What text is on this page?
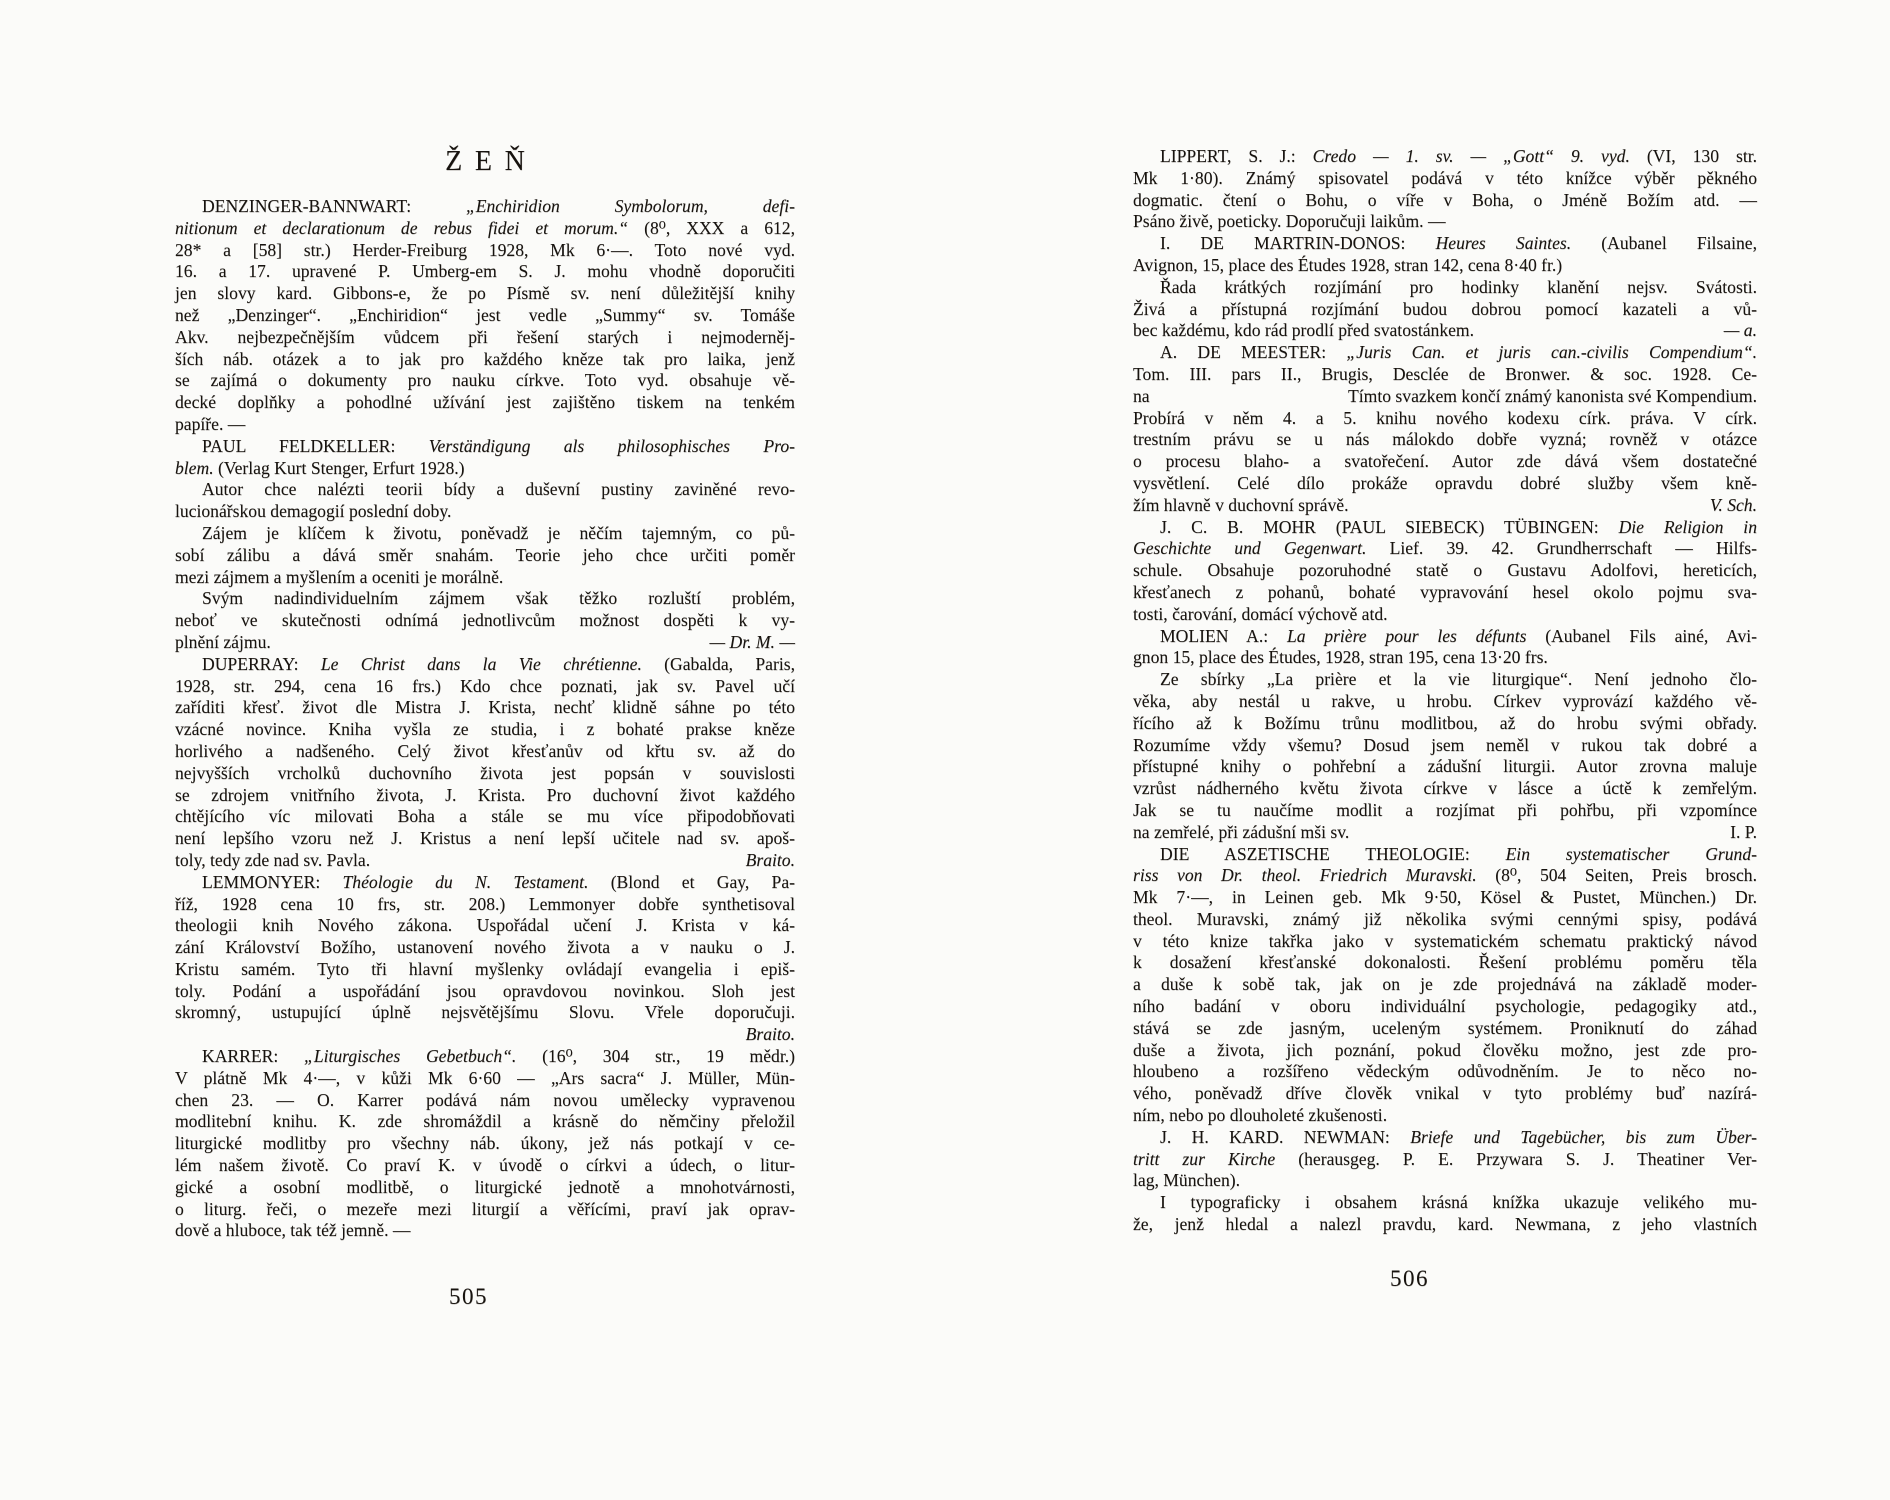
ŽEŇ
DENZINGER-BANNWART: „Enchiridion Symbolorum, defi-
nitionum et declarationum de rebus fidei et morum.“ (8⁰, XXX a 612,
28* a [58] str.) Herder-Freiburg 1928, Mk 6·—. Toto nové vyd.
16. a 17. upravené P. Umberg-em S. J. mohu vhodně doporučiti
jen slovy kard. Gibbons-e, že po Písmě sv. není důležitější knihy
než „Denzinger“. „Enchiridion“ jest vedle „Summy“ sv. Tomáše
Akv. nejbezpečnějším vůdcem při řešení starých i nejmoderněj-
ších náb. otázek a to jak pro každého kněze tak pro laika, jenž
se zajímá o dokumenty pro nauku církve. Toto vyd. obsahuje vě-
decké doplňky a pohodlné užívání jest zajištěno tiskem na tenkém
papíře. —
PAUL FELDKELLER: Verständigung als philosophisches Pro-
blem. (Verlag Kurt Stenger, Erfurt 1928.)
Autor chce nalézti teorii bídy a duševní pustiny zaviněné revo-
lucionářskou demagogií poslední doby.
Zájem je klíčem k životu, poněvadž je něčím tajemným, co pů-
sobí zálibu a dává směr snahám. Teorie jeho chce určiti poměr
mezi zájmem a myšlením a oceniti je morálně.
Svým nadindividuelním zájmem však těžko rozluští problém,
neboť ve skutečnosti odnímá jednotlivcům možnost dospěti k vy-
plnění zájmu.	— Dr. M. —
DUPERRAY: Le Christ dans la Vie chrétienne. (Gabalda, Paris,
1928, str. 294, cena 16 frs.) Kdo chce poznati, jak sv. Pavel učí
zaříditi křesť. život dle Mistra J. Krista, nechť klidně sáhne po této
vzácné novince. Kniha vyšla ze studia, i z bohaté prakse kněze
horlivého a nadšeného. Celý život křesťanův od křtu sv. až do
nejvyšších vrcholků duchovního života jest popsán v souvislosti
se zdrojem vnitřního života, J. Krista. Pro duchovní život každého
chtějícího víc milovati Boha a stále se mu více připodobňovati
není lepšího vzoru než J. Kristus a není lepší učitele nad sv. apoš-
toly, tedy zde nad sv. Pavla.	Braito.
LEMMONYER: Théologie du N. Testament. (Blond et Gay, Pa-
říž, 1928 cena 10 frs, str. 208.) Lemmonyer dobře synthetisoval
theologii knih Nového zákona. Uspořádal učení J. Krista v ká-
zání Království Božího, ustanovení nového života a v nauku o J.
Kristu samém. Tyto tři hlavní myšlenky ovládají evangelia i epiš-
toly. Podání a uspořádání jsou opravdovou novinkou. Sloh jest
skromný, ustupující úplně nejsvětějšímu Slovu. Vřele doporučuji.
Braito.
KARRER: „Liturgisches Gebetbuch“. (16⁰, 304 str., 19 mědr.)
V plátně Mk 4·—, v kůži Mk 6·60 — „Ars sacra“ J. Müller, Mün-
chen 23. — O. Karrer podává nám novou umělecky vypravenou
modlitební knihu. K. zde shromáždil a krásně do němčiny přeložil
liturgické modlitby pro všechny náb. úkony, jež nás potkají v ce-
lém našem životě. Co praví K. v úvodě o církvi a údech, o litur-
gické a osobní modlitbě, o liturgické jednotě a mnohotvárnosti,
o liturg. řeči, o mezeře mezi liturgií a věřícími, praví jak oprav-
dově a hluboce, tak též jemně. —
LIPPERT, S. J.: Credo — 1. sv. — „Gott“ 9. vyd. (VI, 130 str.
Mk 1·80). Známý spisovatel podává v této knížce výběr pěkného
dogmatic. čtení o Bohu, o víře v Boha, o Jméně Božím atd. —
Psáno živě, poeticky. Doporučuji laikům. —
I. DE MARTRIN-DONOS: Heures Saintes. (Aubanel Filsaine,
Avignon, 15, place des Études 1928, stran 142, cena 8·40 fr.)
Řada krátkých rozjímání pro hodinky klanění nejsv. Svátosti.
Živá a přístupná rozjímání budou dobrou pomocí kazateli a vů-
bec každému, kdo rád prodlí před svatostánkem.	— a.
A. DE MEESTER: „Juris Can. et juris can.-civilis Compendium“.
Tom. III. pars II., Brugis, Desclée de Bronwer. & soc. 1928. Ce-
na	Tímto svazkem končí známý kanonista své Kompendium.
Probírá v něm 4. a 5. knihu nového kodexu círk. práva. V círk.
trestním právu se u nás málokdo dobře vyzná; rovněž v otázce
o procesu blaho- a svatořečení. Autor zde dává všem dostatečné
vysvětlení. Celé dílo prokáže opravdu dobré služby všem kně-
žím hlavně v duchovní správě.	V. Sch.
J. C. B. MOHR (PAUL SIEBECK) TÜBINGEN: Die Religion in
Geschichte und Gegenwart. Lief. 39. 42. Grundherrschaft — Hilfs-
schule. Obsahuje pozoruhodné statě o Gustavu Adolfovi, hereticích,
křesťanech z pohanů, bohaté vypravování hesel okolo pojmu sva-
tosti, čarování, domácí výchově atd.
MOLIEN A.: La prière pour les défunts (Aubanel Fils ainé, Avi-
gnon 15, place des Études, 1928, stran 195, cena 13·20 frs.
Ze sbírky „La prière et la vie liturgique“. Není jednoho člo-
věka, aby nestál u rakve, u hrobu. Církev vyprovází každého vě-
řícího až k Božímu trůnu modlitbou, až do hrobu svými obřady.
Rozumíme vždy všemu? Dosud jsem neměl v rukou tak dobré a
přístupné knihy o pohřební a zádušní liturgii. Autor zrovna maluje
vzrůst nádherného květu života církve v lásce a úctě k zemřelým.
Jak se tu naučíme modlit a rozjímat při pohřbu, při vzpomínce
na zemřelé, při zádušní mši sv.	I. P.
DIE ASZETISCHE THEOLOGIE: Ein systematischer Grund-
riss von Dr. theol. Friedrich Muravski. (8⁰, 504 Seiten, Preis brosch.
Mk 7·—, in Leinen geb. Mk 9·50, Kösel & Pustet, München.) Dr.
theol. Muravski, známý již několika svými cennými spisy, podává
v této knize takřka jako v systematickém schematu praktický návod
k dosažení křesťanské dokonalosti. Řešení problému poměru těla
a duše k sobě tak, jak on je zde projednává na základě moder-
ního badání v oboru individuální psychologie, pedagogiky atd.,
stává se zde jasným, uceleným systémem. Proniknutí do záhad
duše a života, jich poznání, pokud člověku možno, jest zde pro-
hloubeno a rozšířeno vědeckým odůvodněním. Je to něco no-
vého, poněvadž dříve člověk vnikal v tyto problémy buď nazírá-
ním, nebo po dlouholeté zkušenosti.
J. H. KARD. NEWMAN: Briefe und Tagebücher, bis zum Über-
tritt zur Kirche (herausgeg. P. E. Przywara S. J. Theatiner Ver-
lag, München).
I typograficky i obsahem krásná knížka ukazuje velikého mu-
že, jenž hledal a nalezl pravdu, kard. Newmana, z jeho vlastních
505
506
